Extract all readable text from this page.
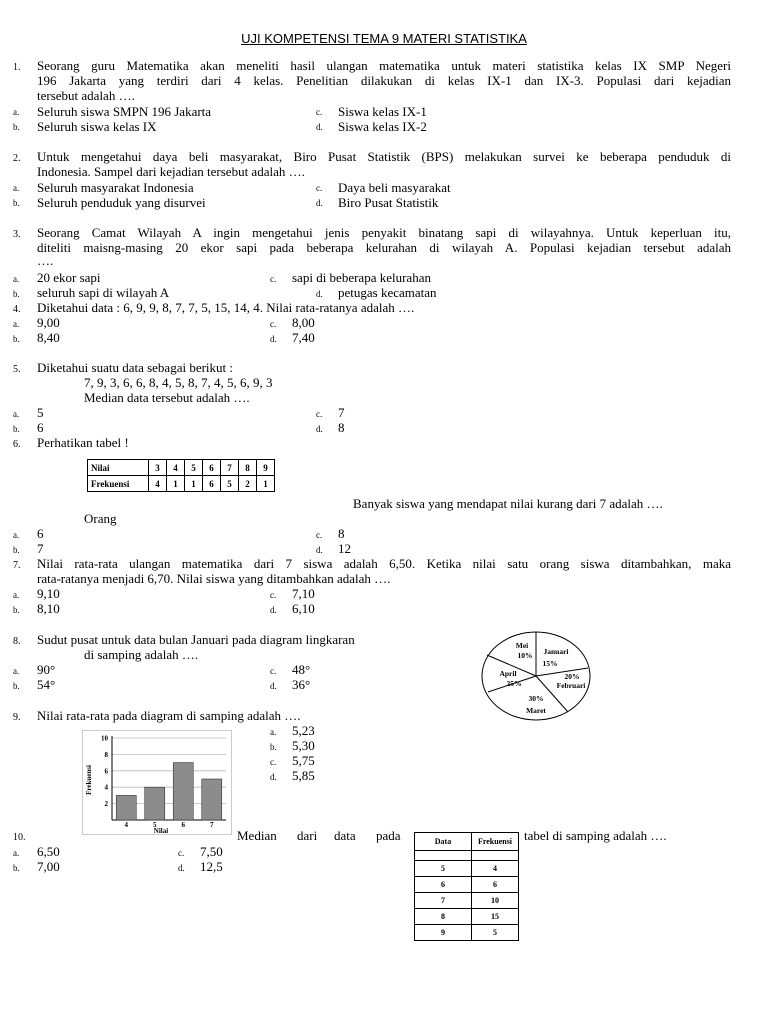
UJI KOMPETENSI TEMA 9 MATERI STATISTIKA
1. Seorang guru Matematika akan meneliti hasil ulangan matematika untuk materi statistika kelas IX SMP Negeri
196 Jakarta yang terdiri dari 4 kelas. Penelitian dilakukan di kelas IX-1 dan IX-3. Populasi dari kejadian
tersebut adalah ….
a. Seluruh siswa SMPN 196 Jakarta	c. Siswa kelas IX-1
b. Seluruh siswa kelas IX	d. Siswa kelas IX-2
2. Untuk mengetahui daya beli masyarakat, Biro Pusat Statistik (BPS) melakukan survei ke beberapa penduduk di
Indonesia. Sampel dari kejadian tersebut adalah ….
a. Seluruh masyarakat Indonesia	c. Daya beli masyarakat
b. Seluruh penduduk yang disurvei	d. Biro Pusat Statistik
3. Seorang Camat Wilayah A ingin mengetahui jenis penyakit binatang sapi di wilayahnya. Untuk keperluan itu,
diteliti maisng-masing 20 ekor sapi pada beberapa kelurahan di wilayah A. Populasi kejadian tersebut adalah
….
a. 20 ekor sapi	c. sapi di beberapa kelurahan
b. seluruh sapi di wilayah A	d. petugas kecamatan
4. Diketahui data : 6, 9, 9, 8, 7, 7, 5, 15, 14, 4. Nilai rata-ratanya adalah ….
a. 9,00	c. 8,00
b. 8,40	d. 7,40
5. Diketahui suatu data sebagai berikut :
7, 9, 3, 6, 6, 8, 4, 5, 8, 7, 4, 5, 6, 9, 3
Median data tersebut adalah ….
a. 5	c. 7
b. 6	d. 8
6. Perhatikan tabel !
Nilai	3	4	5	6	7	8	9
Frekuensi	4	1	1	6	5	2	1
Banyak siswa yang mendapat nilai kurang dari 7 adalah ….
Orang
a. 6	c. 8
b. 7	d. 12
7. Nilai rata-rata ulangan matematika dari 7 siswa adalah 6,50. Ketika nilai satu orang siswa ditambahkan, maka
rata-ratanya menjadi 6,70. Nilai siswa yang ditambahkan adalah ….
a. 9,10	c. 7,10
b. 8,10	d. 6,10
8. Sudut pusat untuk data bulan Januari pada diagram lingkaran
di samping adalah ….
a. 90°	c. 48°
b. 54°	d. 36°
Mei
10% Januari
15%
20%
Februari
30%
Maret
April
25%
9. Nilai rata-rata pada diagram di samping adalah ….
a. 5,23
b. 5,30
c. 5,75
d. 5,85
2
4
6
8
10
4	5	6	7
Frekuensi
Nilai
10.	Median dari data pada	tabel di samping adalah ….
a. 6,50	c. 7,50
b. 7,00	d. 12,5
Data	Frekuensi

5	4
6	6
7	10
8	15
9	5
